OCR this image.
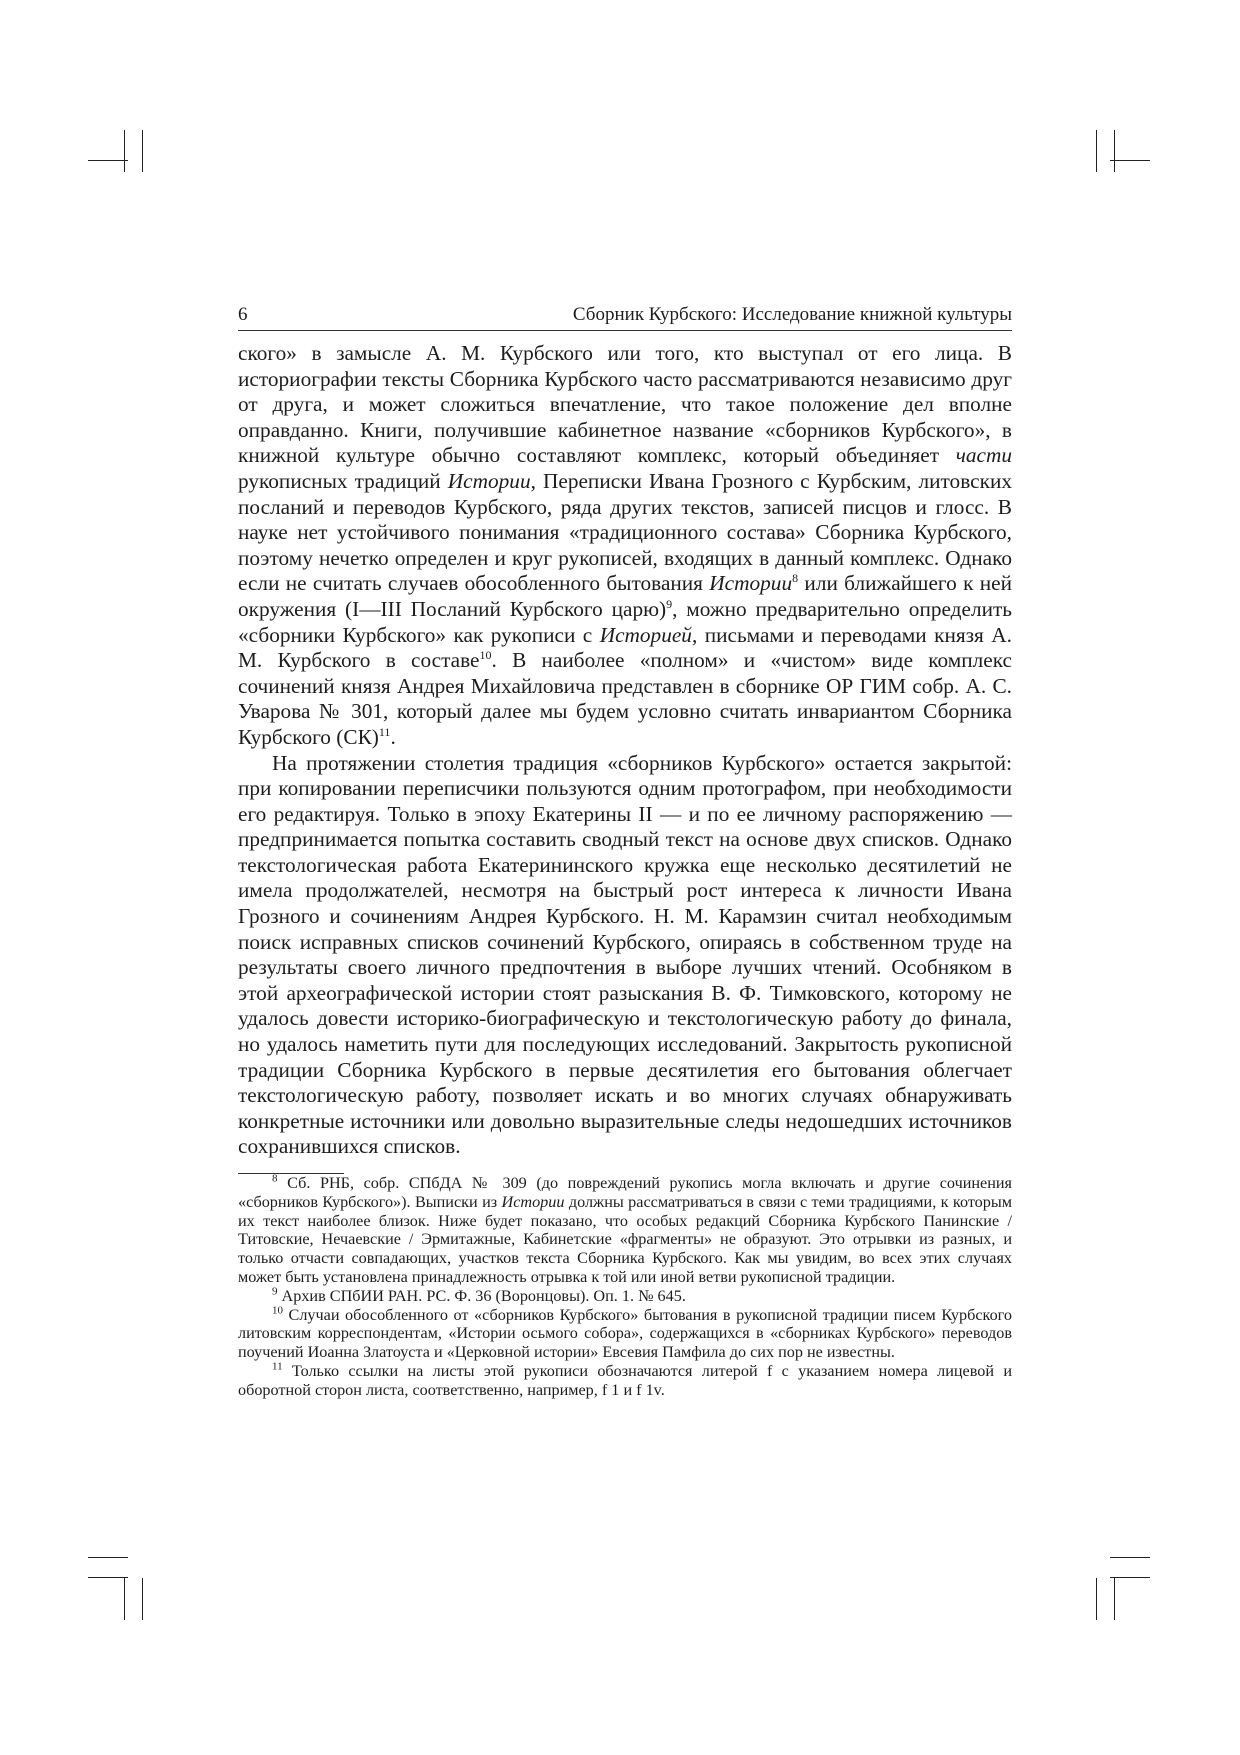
6	Сборник Курбского: Исследование книжной культуры

ского» в замысле А. М. Курбского или того, кто выступал от его лица. В историографии тексты Сборника Курбского часто рассматриваются независимо друг от друга, и может сложиться впечатление, что такое положение дел вполне оправданно. Книги, получившие кабинетное название «сборников Курбского», в книжной культуре обычно составляют комплекс, который объединяет части рукописных традиций Истории, Переписки Ивана Грозного с Курбским, литовских посланий и переводов Курбского, ряда других текстов, записей писцов и глосс. В науке нет устойчивого понимания «традиционного состава» Сборника Курбского, поэтому нечетко определен и круг рукописей, входящих в данный комплекс. Однако если не считать случаев обособленного бытования Истории$^8$ или ближайшего к ней окружения (I—III Посланий Курбского царю)$^9$, можно предварительно определить «сборники Курбского» как рукописи с Историей, письмами и переводами князя А. М. Курбского в составе$^{10}$. В наиболее «полном» и «чистом» виде комплекс сочинений князя Андрея Михайловича представлен в сборнике ОР ГИМ собр. А. С. Уварова № 301, который далее мы будем условно считать инвариантом Сборника Курбского (СК)$^{11}$.

На протяжении столетия традиция «сборников Курбского» остается закрытой: при копировании переписчики пользуются одним протографом, при необходимости его редактируя. Только в эпоху Екатерины II — и по ее личному распоряжению — предпринимается попытка составить сводный текст на основе двух списков. Однако текстологическая работа Екатерининского кружка еще несколько десятилетий не имела продолжателей, несмотря на быстрый рост интереса к личности Ивана Грозного и сочинениям Андрея Курбского. Н. М. Карамзин считал необходимым поиск исправных списков сочинений Курбского, опираясь в собственном труде на результаты своего личного предпочтения в выборе лучших чтений. Особняком в этой археографической истории стоят разыскания В. Ф. Тимковского, которому не удалось довести историко-биографическую и текстологическую работу до финала, но удалось наметить пути для последующих исследований. Закрытость рукописной традиции Сборника Курбского в первые десятилетия его бытования облегчает текстологическую работу, позволяет искать и во многих случаях обнаруживать конкретные источники или довольно выразительные следы недошедших источников сохранившихся списков.

$^8$ Сб. РНБ, собр. СПбДА № 309 (до повреждений рукопись могла включать и другие сочинения «сборников Курбского»). Выписки из Истории должны рассматриваться в связи с теми традициями, к которым их текст наиболее близок. Ниже будет показано, что особых редакций Сборника Курбского Панинские / Титовские, Нечаевские / Эрмитажные, Кабинетские «фрагменты» не образуют. Это отрывки из разных, и только отчасти совпадающих, участков текста Сборника Курбского. Как мы увидим, во всех этих случаях может быть установлена принадлежность отрывка к той или иной ветви рукописной традиции.

$^9$ Архив СПбИИ РАН. РС. Ф. 36 (Воронцовы). Оп. 1. № 645.

$^{10}$ Случаи обособленного от «сборников Курбского» бытования в рукописной традиции писем Курбского литовским корреспондентам, «Истории осьмого собора», содержащихся в «сборниках Курбского» переводов поучений Иоанна Златоуста и «Церковной истории» Евсевия Памфила до сих пор не известны.

$^{11}$ Только ссылки на листы этой рукописи обозначаются литерой f с указанием номера лицевой и оборотной сторон листа, соответственно, например, f 1 и f 1v.
